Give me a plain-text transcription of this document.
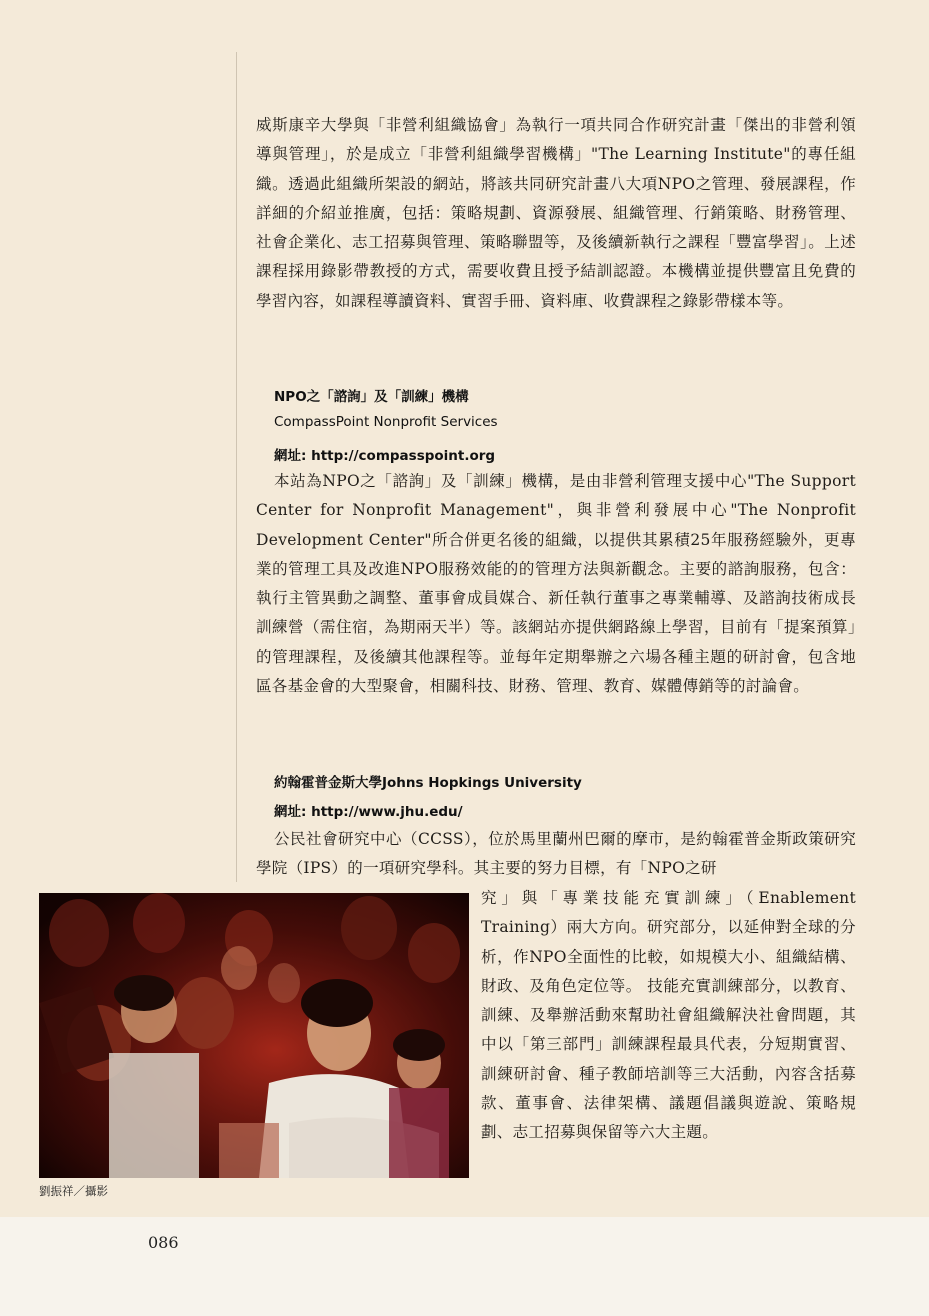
威斯康辛大學與「非營利組織協會」為執行一項共同合作研究計畫「傑出的非營利領導與管理」，於是成立「非營利組織學習機構」"The Learning Institute"的專任組織。透過此組織所架設的網站，將該共同研究計畫八大項NPO之管理、發展課程，作詳細的介紹並推廣，包括：策略規劃、資源發展、組織管理、行銷策略、財務管理、社會企業化、志工招募與管理、策略聯盟等，及後續新執行之課程「豐富學習」。上述課程採用錄影帶教授的方式，需要收費且授予結訓認證。本機構並提供豐富且免費的學習內容，如課程導讀資料、實習手冊、資料庫、收費課程之錄影帶樣本等。

NPO之「諮詢」及「訓練」機構
CompassPoint Nonprofit Services
網址: http://compasspoint.org

本站為NPO之「諮詢」及「訓練」機構，是由非營利管理支援中心"The Support Center for Nonprofit Management"，與非營利發展中心"The Nonprofit Development Center"所合併更名後的組織，以提供其累積25年服務經驗外，更專業的管理工具及改進NPO服務效能的的管理方法與新觀念。主要的諮詢服務，包含：執行主管異動之調整、董事會成員媒合、新任執行董事之專業輔導、及諮詢技術成長訓練營（需住宿，為期兩天半）等。該網站亦提供網路線上學習，目前有「提案預算」的管理課程，及後續其他課程等。並每年定期舉辦之六場各種主題的研討會，包含地區各基金會的大型聚會，相關科技、財務、管理、教育、媒體傳銷等的討論會。

約翰霍普金斯大學Johns Hopkings University
網址: http://www.jhu.edu/

公民社會研究中心（CCSS），位於馬里蘭州巴爾的摩市，是約翰霍普金斯政策研究學院（IPS）的一項研究學科。其主要的努力目標，有「NPO之研

究」與「專業技能充實訓練」（Enablement Training）兩大方向。研究部分，以延伸對全球的分析，作NPO全面性的比較，如規模大小、組織結構、財政、及角色定位等。 技能充實訓練部分，以教育、訓練、及舉辦活動來幫助社會組織解決社會問題，其中以「第三部門」訓練課程最具代表，分短期實習、訓練研討會、種子教師培訓等三大活動，內容含括募款、董事會、法律架構、議題倡議與遊說、策略規劃、志工招募與保留等六大主題。

劉振祥／攝影
086
